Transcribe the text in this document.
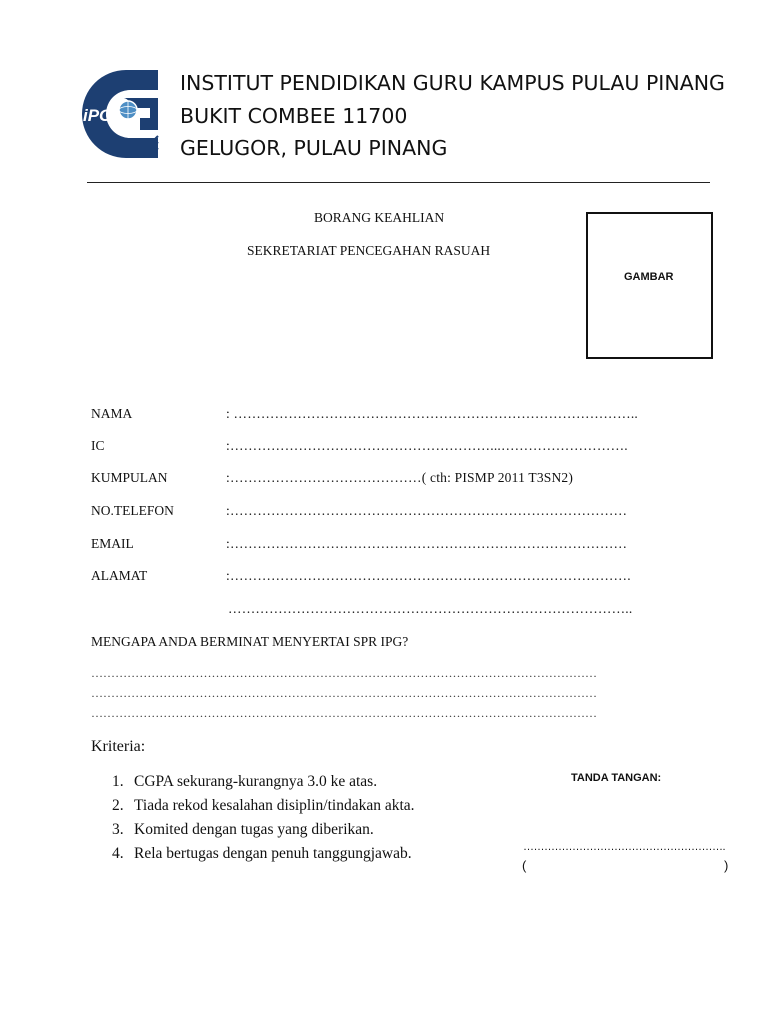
iPG
INSTITUT PENDIDIKAN GURU KAMPUS PULAU PINANG
BUKIT COMBEE 11700
GELUGOR, PULAU PINANG
BORANG KEAHLIAN
SEKRETARIAT PENCEGAHAN RASUAH
GAMBAR
NAMA	: ……………………………………………………………………………..
IC	:…………………………………………………...……………………….
KUMPULAN	:……………………………………( cth: PISMP 2011 T3SN2)
NO.TELEFON	:……………………………………………………………………………
EMAIL	:……………………………………………………………………………
ALAMAT	:…………………………………………………………………………….
……………………………………………………………………………..
MENGAPA ANDA BERMINAT MENYERTAI SPR IPG?
………………………………………………………………………………………………………………
………………………………………………………………………………………………………………
………………………………………………………………………………………………………………
Kriteria:
1. CGPA sekurang-kurangnya 3.0 ke atas.
2. Tiada rekod kesalahan disiplin/tindakan akta.
3. Komited dengan tugas yang diberikan.
4. Rela bertugas dengan penuh tanggungjawab.
TANDA TANGAN:
………………………………………………….
(	)
